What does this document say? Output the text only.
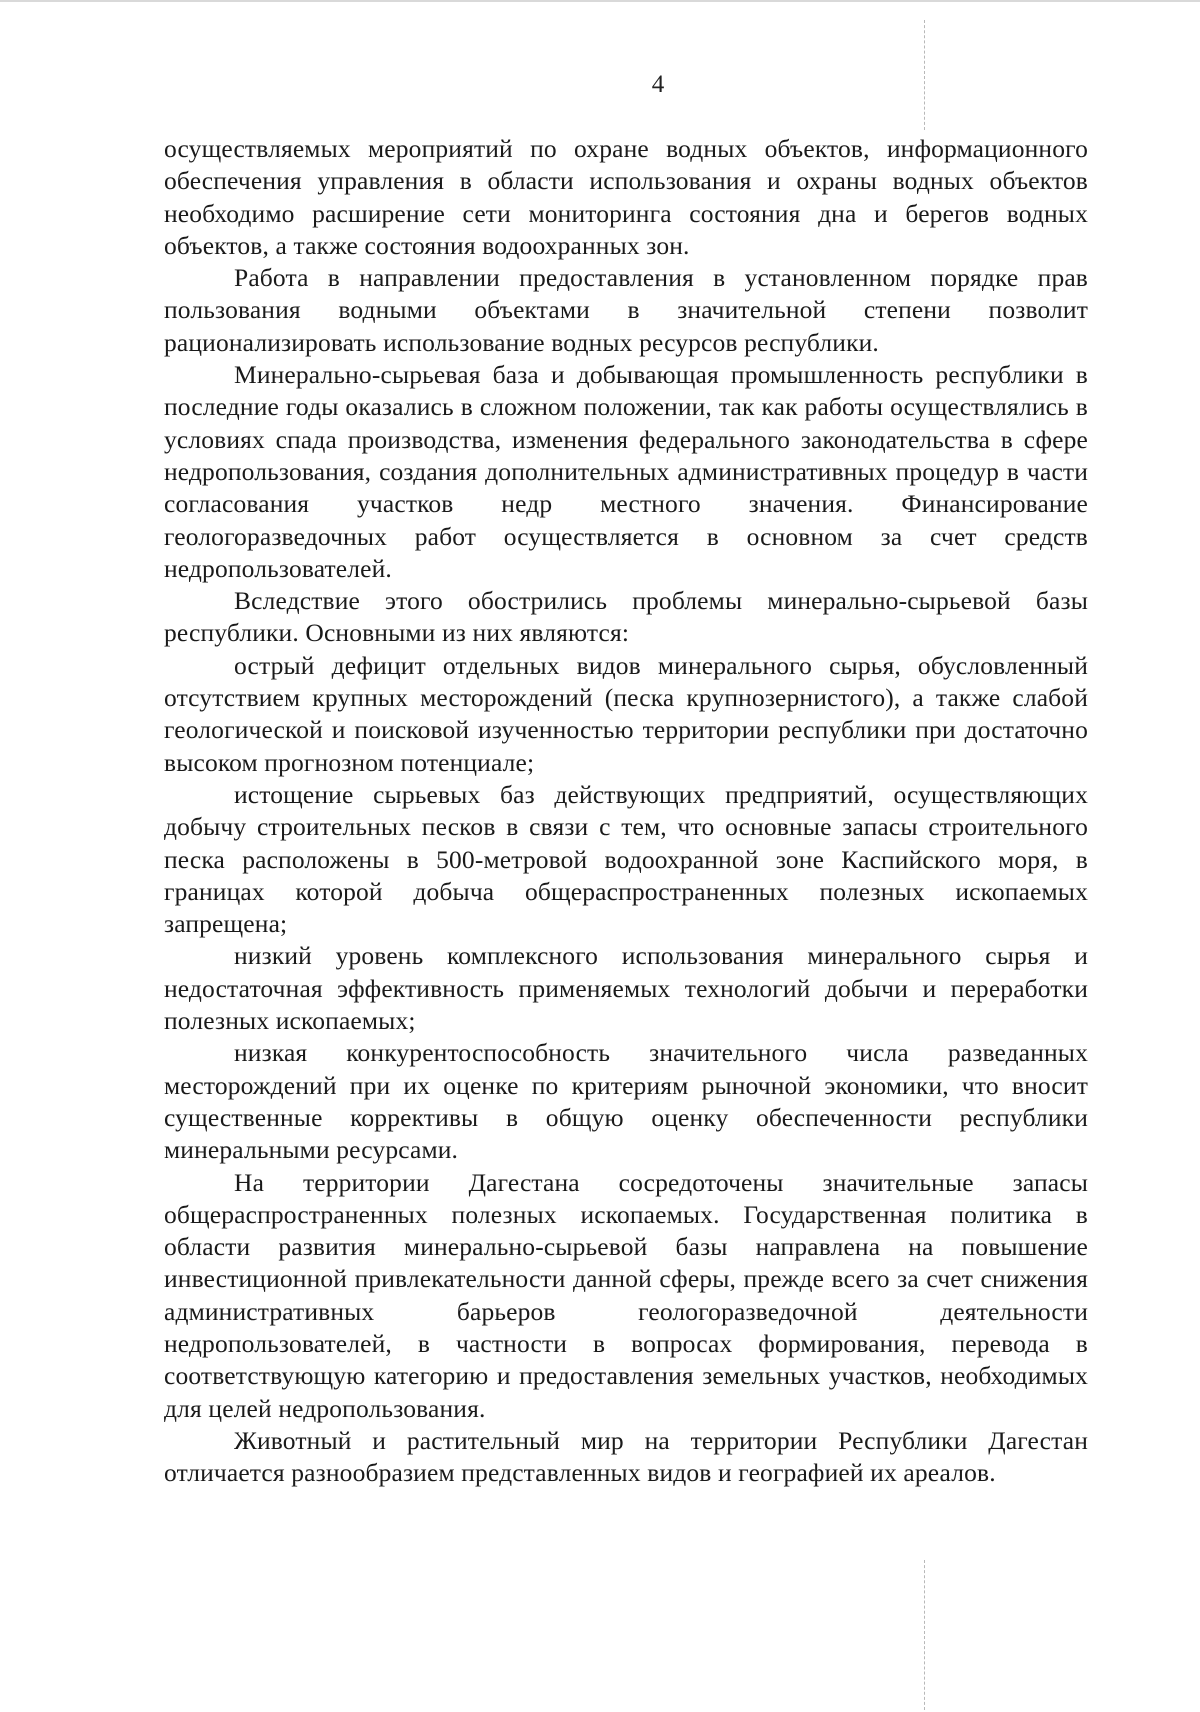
4

осуществляемых мероприятий по охране водных объектов, информационного обеспечения управления в области использования и охраны водных объектов необходимо расширение сети мониторинга состояния дна и берегов водных объектов, а также состояния водоохранных зон.

Работа в направлении предоставления в установленном порядке прав пользования водными объектами в значительной степени позволит рационализировать использование водных ресурсов республики.

Минерально-сырьевая база и добывающая промышленность республики в последние годы оказались в сложном положении, так как работы осуществлялись в условиях спада производства, изменения федерального законодательства в сфере недропользования, создания дополнительных административных процедур в части согласования участков недр местного значения. Финансирование геологоразведочных работ осуществляется в основном за счет средств недропользователей.

Вследствие этого обострились проблемы минерально-сырьевой базы республики. Основными из них являются:

острый дефицит отдельных видов минерального сырья, обусловленный отсутствием крупных месторождений (песка крупнозернистого), а также слабой геологической и поисковой изученностью территории республики при достаточно высоком прогнозном потенциале;

истощение сырьевых баз действующих предприятий, осуществляющих добычу строительных песков в связи с тем, что основные запасы строительного песка расположены в 500-метровой водоохранной зоне Каспийского моря, в границах которой добыча общераспространенных полезных ископаемых запрещена;

низкий уровень комплексного использования минерального сырья и недостаточная эффективность применяемых технологий добычи и переработки полезных ископаемых;

низкая конкурентоспособность значительного числа разведанных месторождений при их оценке по критериям рыночной экономики, что вносит существенные коррективы в общую оценку обеспеченности республики минеральными ресурсами.

На территории Дагестана сосредоточены значительные запасы общераспространенных полезных ископаемых. Государственная политика в области развития минерально-сырьевой базы направлена на повышение инвестиционной привлекательности данной сферы, прежде всего за счет снижения административных барьеров геологоразведочной деятельности недропользователей, в частности в вопросах формирования, перевода в соответствующую категорию и предоставления земельных участков, необходимых для целей недропользования.

Животный и растительный мир на территории Республики Дагестан отличается разнообразием представленных видов и географией их ареалов.
